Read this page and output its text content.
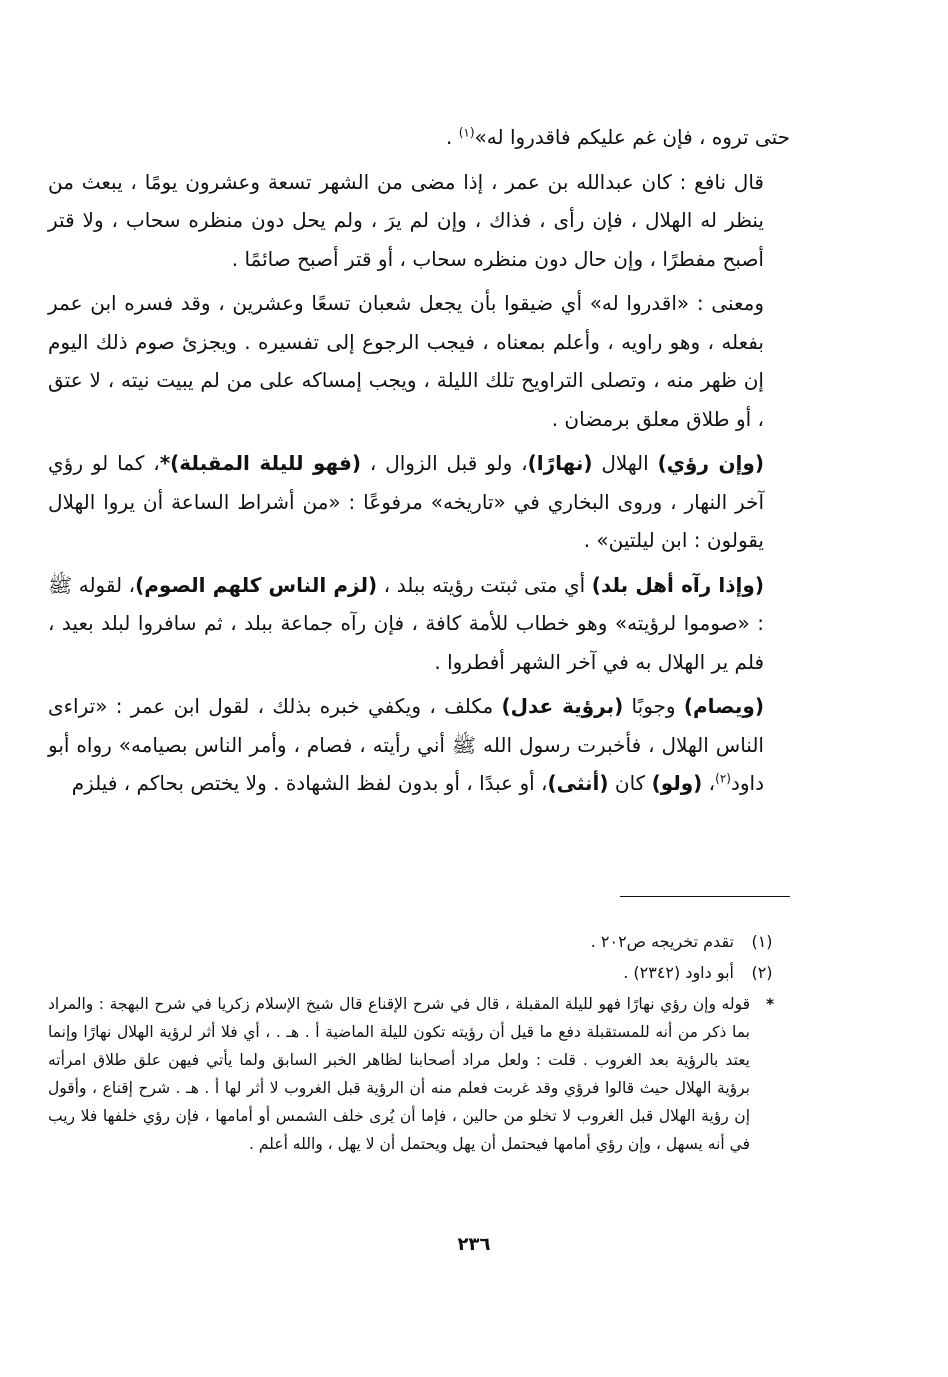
حتى تروه ، فإن غم عليكم فاقدروا له»$^{(١)}$ .

قال نافع : كان عبدالله بن عمر ، إذا مضى من الشهر تسعة وعشرون يومًا ، يبعث من ينظر له الهلال ، فإن رأى ، فذاك ، وإن لم يرَ ، ولم يحل دون منظره سحاب ، ولا قتر أصبح مفطرًا ، وإن حال دون منظره سحاب ، أو قتر أصبح صائمًا .

ومعنى : «اقدروا له» أي ضيقوا بأن يجعل شعبان تسعًا وعشرين ، وقد فسره ابن عمر بفعله ، وهو راويه ، وأعلم بمعناه ، فيجب الرجوع إلى تفسيره . ويجزئ صوم ذلك اليوم إن ظهر منه ، وتصلى التراويح تلك الليلة ، ويجب إمساكه على من لم يبيت نيته ، لا عتق ، أو طلاق معلق برمضان .

(وإن رؤي) الهلال (نهارًا)، ولو قبل الزوال ، (فهو لليلة المقبلة)*، كما لو رؤي آخر النهار ، وروى البخاري في «تاريخه» مرفوعًا : «من أشراط الساعة أن يروا الهلال يقولون : ابن ليلتين» .

(وإذا رآه أهل بلد) أي متى ثبتت رؤيته ببلد ، (لزم الناس كلهم الصوم)، لقوله ﷺ : «صوموا لرؤيته» وهو خطاب للأمة كافة ، فإن رآه جماعة ببلد ، ثم سافروا لبلد بعيد ، فلم ير الهلال به في آخر الشهر أفطروا .

(ويصام) وجوبًا (برؤية عدل) مكلف ، ويكفي خبره بذلك ، لقول ابن عمر : «تراءى الناس الهلال ، فأخبرت رسول الله ﷺ أني رأيته ، فصام ، وأمر الناس بصيامه» رواه أبو داود$^{(٢)}$، (ولو) كان (أنثى)، أو عبدًا ، أو بدون لفظ الشهادة . ولا يختص بحاكم ، فيلزم

(١)
تقدم تخريجه ص٢٠٢ .
(٢)
أبو داود (٢٣٤٢) .
*
قوله وإن رؤي نهارًا فهو لليلة المقبلة ، قال في شرح الإقناع قال شيخ الإسلام زكريا في شرح البهجة : والمراد بما ذكر من أنه للمستقبلة دفع ما قيل أن رؤيته تكون لليلة الماضية أ . هـ . ، أي فلا أثر لرؤية الهلال نهارًا وإنما يعتد بالرؤية بعد الغروب . قلت : ولعل مراد أصحابنا لظاهر الخبر السابق ولما يأتي فيهن علق طلاق امرأته برؤية الهلال حيث قالوا فرؤي وقد غربت فعلم منه أن الرؤية قبل الغروب لا أثر لها أ . هـ . شرح إقناع ، وأقول إن رؤية الهلال قبل الغروب لا تخلو من حالين ، فإما أن يُرى خلف الشمس أو أمامها ، فإن رؤي خلفها فلا ريب في أنه يسهل ، وإن رؤي أمامها فيحتمل أن يهل ويحتمل أن لا يهل ، والله أعلم .
٢٣٦
